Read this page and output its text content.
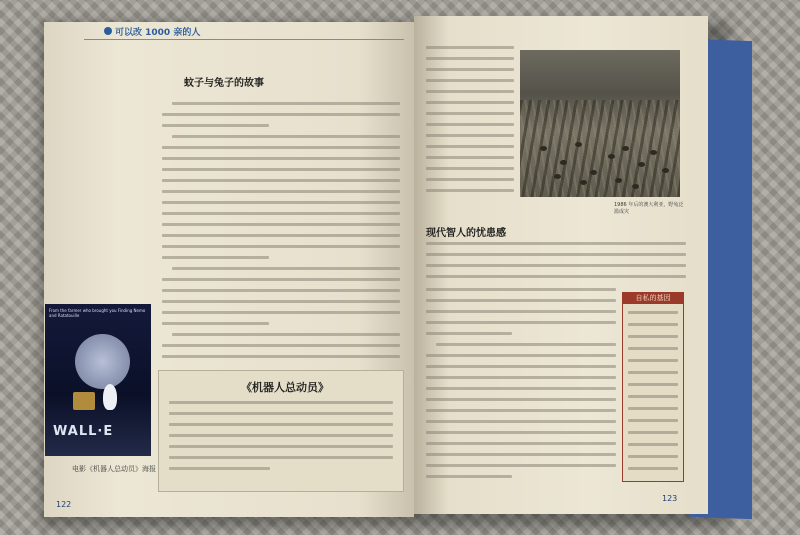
可以改 1000 亲的人
蚊子与兔子的故事
From the farmer who brought you Finding Nemo and Ratatouille
WALL·E
电影《机器人总动员》海报
《机器人总动员》
122
1986 年后的澳大利亚，野兔泛滥成灾
现代智人的忧患感
自私的基因
123
